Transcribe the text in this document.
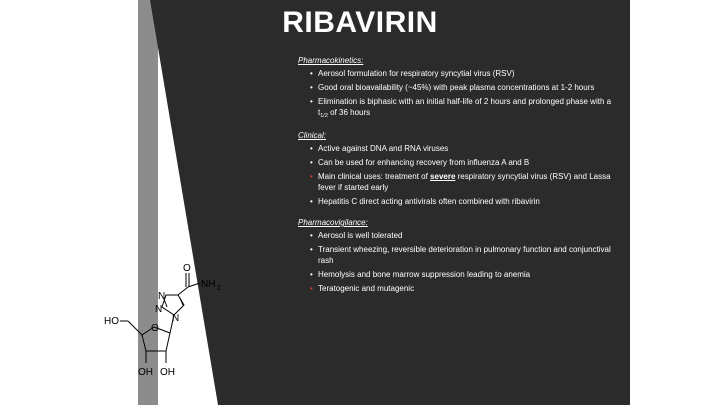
RIBAVIRIN
Pharmacokinetics:
• Aerosol formulation for respiratory syncytial virus (RSV)
• Good oral bioavailability (~45%) with peak plasma concentrations at 1-2 hours
• Elimination is biphasic with an initial half-life of 2 hours and prolonged phase with a $t_{1/2}$ of 36 hours
Clinical:
• Active against DNA and RNA viruses
• Can be used for enhancing recovery from influenza A and B
• Main clinical uses: treatment of severe respiratory syncytial virus (RSV) and Lassa fever if started early
• Hepatitis C direct acting antivirals often combined with ribavirin
Pharmacovigilance:
• Aerosol is well tolerated
• Transient wheezing, reversible deterioration in pulmonary function and conjunctival rash
• Hemolysis and bone marrow suppression leading to anemia
• Teratogenic and mutagenic
O
NH 2
N
N
N
HO
O
OH OH
